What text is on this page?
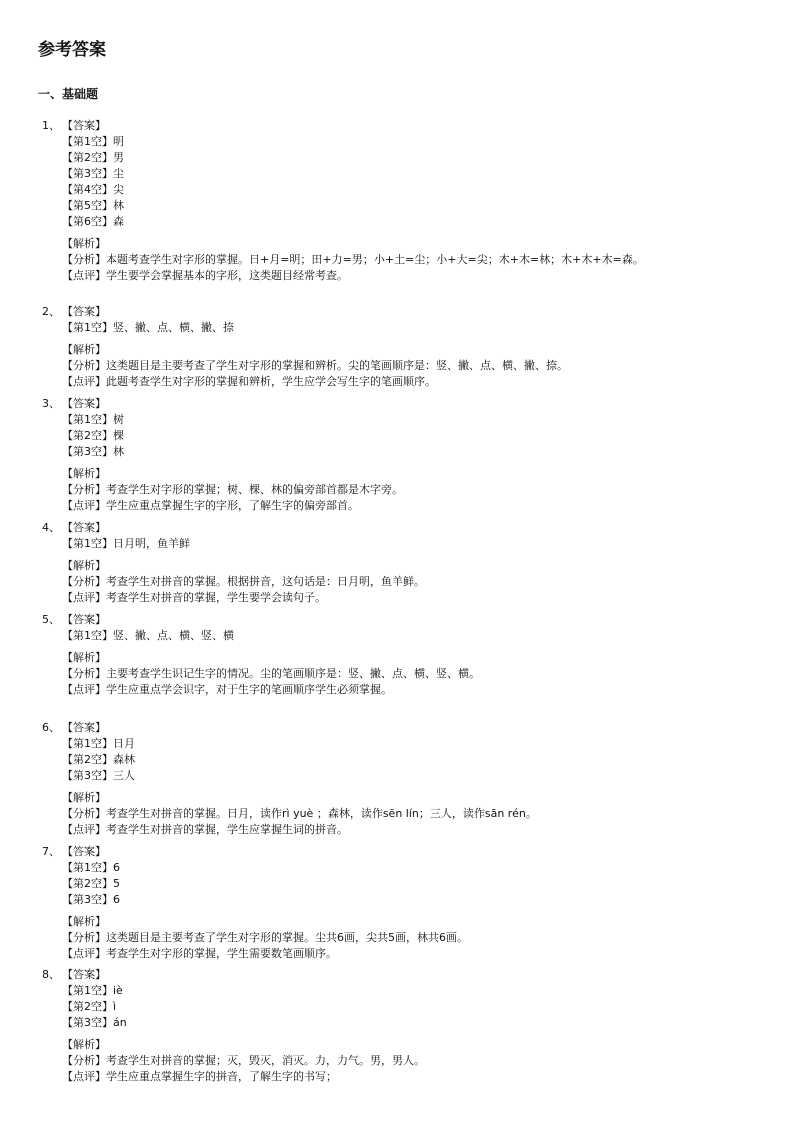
参考答案
一、基础题
1、 【答案】
【第1空】明
【第2空】男
【第3空】尘
【第4空】尖
【第5空】林
【第6空】森
【解析】
【分析】本题考查学生对字形的掌握。日+月=明；田+力=男；小+土=尘；小+大=尖；木+木=林；木+木+木=森。
【点评】学生要学会掌握基本的字形，这类题目经常考查。
2、 【答案】
【第1空】竖、撇、点、横、撇、捺
【解析】
【分析】这类题目是主要考查了学生对字形的掌握和辨析。尖的笔画顺序是：竖、撇、点、横、撇、捺。
【点评】此题考查学生对字形的掌握和辨析，学生应学会写生字的笔画顺序。
3、 【答案】
【第1空】树
【第2空】棵
【第3空】林
【解析】
【分析】考查学生对字形的掌握；树、棵、林的偏旁部首都是木字旁。
【点评】学生应重点掌握生字的字形，了解生字的偏旁部首。
4、 【答案】
【第1空】日月明，鱼羊鲜
【解析】
【分析】考查学生对拼音的掌握。根据拼音，这句话是：日月明，鱼羊鲜。
【点评】考查学生对拼音的掌握，学生要学会读句子。
5、 【答案】
【第1空】竖、撇、点、横、竖、横
【解析】
【分析】主要考查学生识记生字的情况。尘的笔画顺序是：竖、撇、点、横、竖、横。
【点评】学生应重点学会识字，对于生字的笔画顺序学生必须掌握。
6、 【答案】
【第1空】日月
【第2空】森林
【第3空】三人
【解析】
【分析】考查学生对拼音的掌握。日月，读作rì yuè ；森林，读作sēn lín；三人，读作sān rén。
【点评】考查学生对拼音的掌握，学生应掌握生词的拼音。
7、 【答案】
【第1空】6
【第2空】5
【第3空】6
【解析】
【分析】这类题目是主要考查了学生对字形的掌握。尘共6画，尖共5画，林共6画。
【点评】考查学生对字形的掌握，学生需要数笔画顺序。
8、 【答案】
【第1空】iè
【第2空】ì
【第3空】án
【解析】
【分析】考查学生对拼音的掌握；灭，毁灭，消灭。力，力气。男，男人。
【点评】学生应重点掌握生字的拼音，了解生字的书写；
